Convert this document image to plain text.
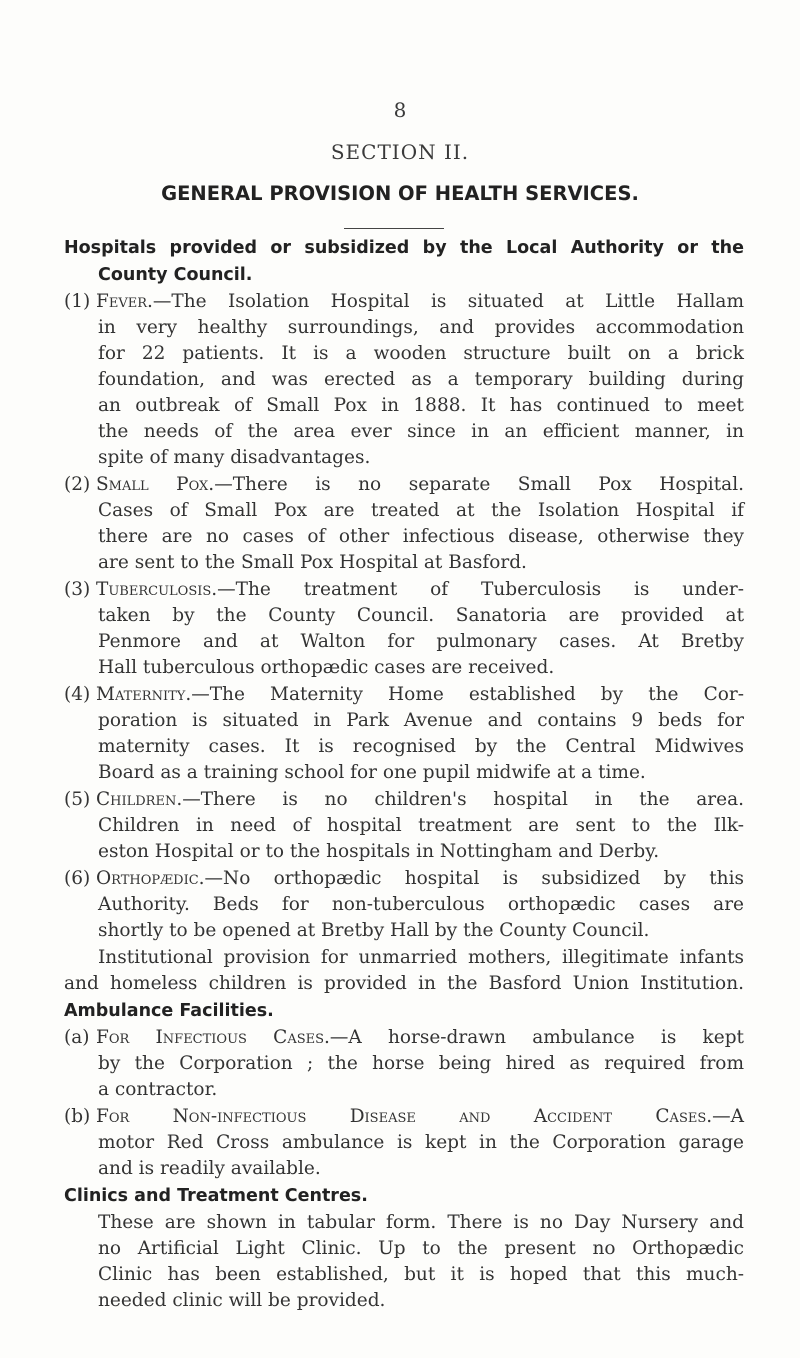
8
SECTION II.
GENERAL PROVISION OF HEALTH SERVICES.
Hospitals provided or subsidized by the Local Authority or the
County Council.
(1) Fever.—The Isolation Hospital is situated at Little Hallam
in very healthy surroundings, and provides accommodation
for 22 patients. It is a wooden structure built on a brick
foundation, and was erected as a temporary building during
an outbreak of Small Pox in 1888. It has continued to meet
the needs of the area ever since in an efficient manner, in
spite of many disadvantages.
(2) Small Pox.—There is no separate Small Pox Hospital.
Cases of Small Pox are treated at the Isolation Hospital if
there are no cases of other infectious disease, otherwise they
are sent to the Small Pox Hospital at Basford.
(3) Tuberculosis.—The treatment of Tuberculosis is under-
taken by the County Council. Sanatoria are provided at
Penmore and at Walton for pulmonary cases. At Bretby
Hall tuberculous orthopædic cases are received.
(4) Maternity.—The Maternity Home established by the Cor-
poration is situated in Park Avenue and contains 9 beds for
maternity cases. It is recognised by the Central Midwives
Board as a training school for one pupil midwife at a time.
(5) Children.—There is no children's hospital in the area.
Children in need of hospital treatment are sent to the Ilk-
eston Hospital or to the hospitals in Nottingham and Derby.
(6) Orthopædic.—No orthopædic hospital is subsidized by this
Authority. Beds for non-tuberculous orthopædic cases are
shortly to be opened at Bretby Hall by the County Council.
Institutional provision for unmarried mothers, illegitimate infants
and homeless children is provided in the Basford Union Institution.
Ambulance Facilities.
(a) For Infectious Cases.—A horse-drawn ambulance is kept
by the Corporation ; the horse being hired as required from
a contractor.
(b) For Non-infectious Disease and Accident Cases.—A
motor Red Cross ambulance is kept in the Corporation garage
and is readily available.
Clinics and Treatment Centres.
These are shown in tabular form. There is no Day Nursery and
no Artificial Light Clinic. Up to the present no Orthopædic
Clinic has been established, but it is hoped that this much-
needed clinic will be provided.
